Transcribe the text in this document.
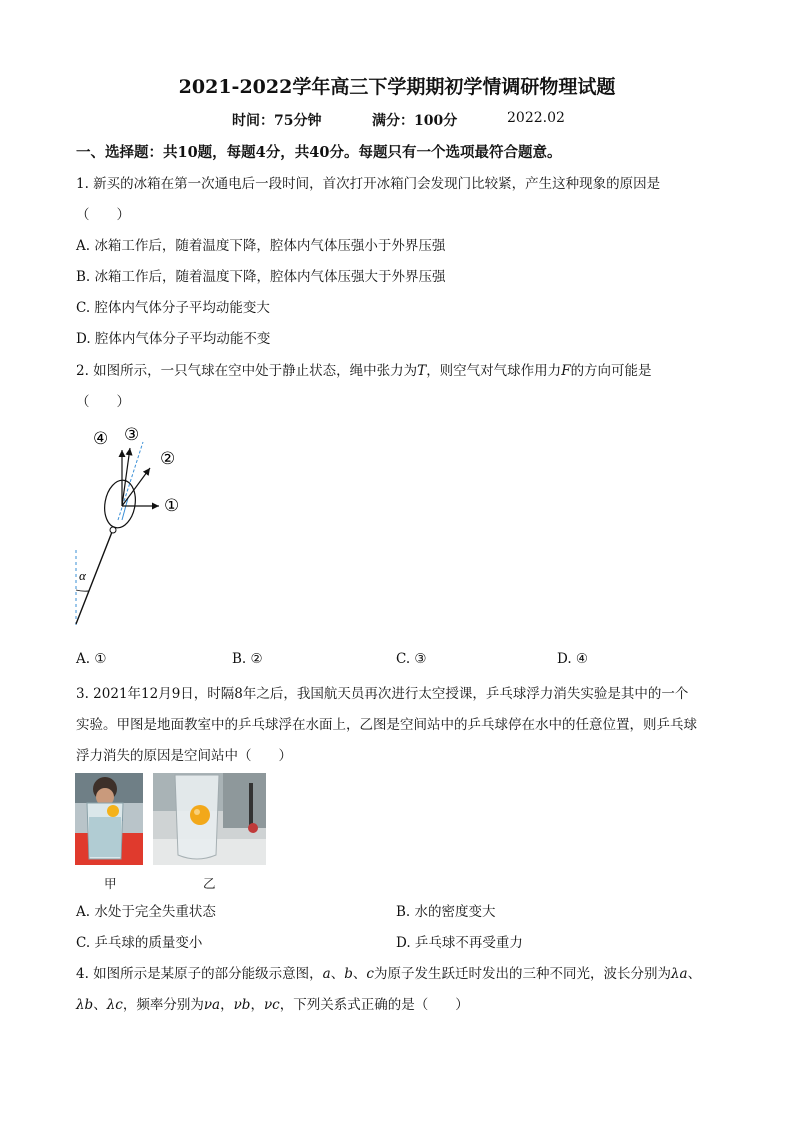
2021-2022学年高三下学期期初学情调研物理试题
时间：75分钟	满分：100分	2022.02
一、选择题：共10题，每题4分，共40分。每题只有一个选项最符合题意。
1. 新买的冰箱在第一次通电后一段时间，首次打开冰箱门会发现门比较紧，产生这种现象的原因是
（　　）
A. 冰箱工作后，随着温度下降，腔体内气体压强小于外界压强
B. 冰箱工作后，随着温度下降，腔体内气体压强大于外界压强
C. 腔体内气体分子平均动能变大
D. 腔体内气体分子平均动能不变
2. 如图所示，一只气球在空中处于静止状态，绳中张力为T，则空气对气球作用力F的方向可能是
（　　）
α
①
②
③
④
A. ①	B. ②	C. ③	D. ④
3. 2021年12月9日，时隔8年之后，我国航天员再次进行太空授课，乒乓球浮力消失实验是其中的一个
实验。甲图是地面教室中的乒乓球浮在水面上，乙图是空间站中的乒乓球停在水中的任意位置，则乒乓球
浮力消失的原因是空间站中（　　）
甲	乙
A. 水处于完全失重状态	B. 水的密度变大
C. 乒乓球的质量变小	D. 乒乓球不再受重力
4. 如图所示是某原子的部分能级示意图，a、b、c为原子发生跃迁时发出的三种不同光，波长分别为λa、
λb、λc，频率分别为νa，νb，νc，下列关系式正确的是（　　）
